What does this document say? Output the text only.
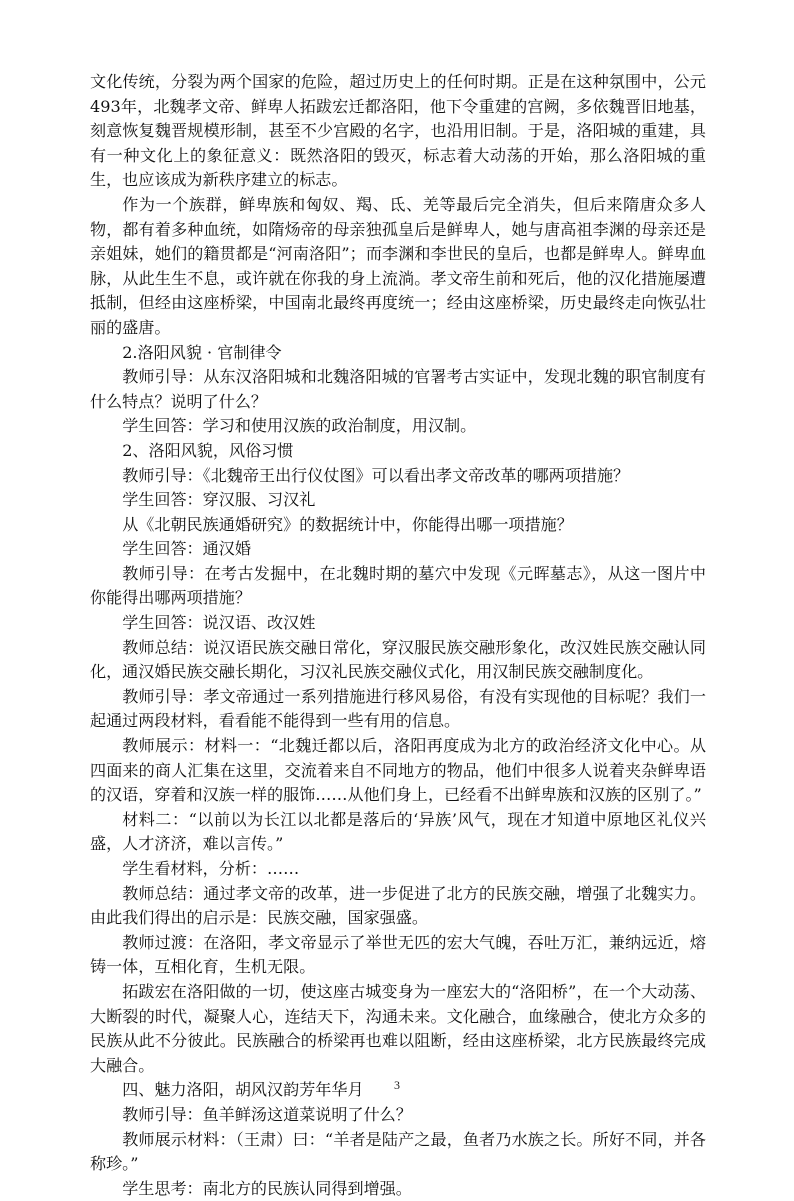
文化传统，分裂为两个国家的危险，超过历史上的任何时期。正是在这种氛围中，公元493年，北魏孝文帝、鲜卑人拓跋宏迁都洛阳，他下令重建的宫阙，多依魏晋旧地基，刻意恢复魏晋规模形制，甚至不少宫殿的名字，也沿用旧制。于是，洛阳城的重建，具有一种文化上的象征意义：既然洛阳的毁灭，标志着大动荡的开始，那么洛阳城的重生，也应该成为新秩序建立的标志。

作为一个族群，鲜卑族和匈奴、羯、氐、羌等最后完全消失，但后来隋唐众多人物，都有着多种血统，如隋炀帝的母亲独孤皇后是鲜卑人，她与唐高祖李渊的母亲还是亲姐妹，她们的籍贯都是“河南洛阳”；而李渊和李世民的皇后，也都是鲜卑人。鲜卑血脉，从此生生不息，或许就在你我的身上流淌。孝文帝生前和死后，他的汉化措施屡遭抵制，但经由这座桥梁，中国南北最终再度统一；经由这座桥梁，历史最终走向恢弘壮丽的盛唐。

2.洛阳风貌 · 官制律令

教师引导：从东汉洛阳城和北魏洛阳城的官署考古实证中，发现北魏的职官制度有什么特点？说明了什么？

学生回答：学习和使用汉族的政治制度，用汉制。

2、洛阳风貌，风俗习惯

教师引导：《北魏帝王出行仪仗图》可以看出孝文帝改革的哪两项措施？

学生回答：穿汉服、习汉礼

从《北朝民族通婚研究》的数据统计中，你能得出哪一项措施？

学生回答：通汉婚

教师引导：在考古发掘中，在北魏时期的墓穴中发现《元晖墓志》，从这一图片中你能得出哪两项措施？

学生回答：说汉语、改汉姓

教师总结：说汉语民族交融日常化，穿汉服民族交融形象化，改汉姓民族交融认同化，通汉婚民族交融长期化，习汉礼民族交融仪式化，用汉制民族交融制度化。

教师引导：孝文帝通过一系列措施进行移风易俗，有没有实现他的目标呢？我们一起通过两段材料，看看能不能得到一些有用的信息。

教师展示：材料一：“北魏迁都以后，洛阳再度成为北方的政治经济文化中心。从四面来的商人汇集在这里，交流着来自不同地方的物品，他们中很多人说着夹杂鲜卑语的汉语，穿着和汉族一样的服饰……从他们身上，已经看不出鲜卑族和汉族的区别了。”

材料二：“以前以为长江以北都是落后的‘异族’风气，现在才知道中原地区礼仪兴盛，人才济济，难以言传。”

学生看材料，分析：……

教师总结：通过孝文帝的改革，进一步促进了北方的民族交融，增强了北魏实力。由此我们得出的启示是：民族交融，国家强盛。

教师过渡：在洛阳，孝文帝显示了举世无匹的宏大气魄，吞吐万汇，兼纳远近，熔铸一体，互相化育，生机无限。

拓跋宏在洛阳做的一切，使这座古城变身为一座宏大的“洛阳桥”，在一个大动荡、大断裂的时代，凝聚人心，连结天下，沟通未来。文化融合，血缘融合，使北方众多的民族从此不分彼此。民族融合的桥梁再也难以阻断，经由这座桥梁，北方民族最终完成大融合。

四、魅力洛阳，胡风汉韵芳年华月

教师引导：鱼羊鲜汤这道菜说明了什么？

教师展示材料：（王肃）曰：“羊者是陆产之最，鱼者乃水族之长。所好不同，并各称珍。”

学生思考：南北方的民族认同得到增强。

3
